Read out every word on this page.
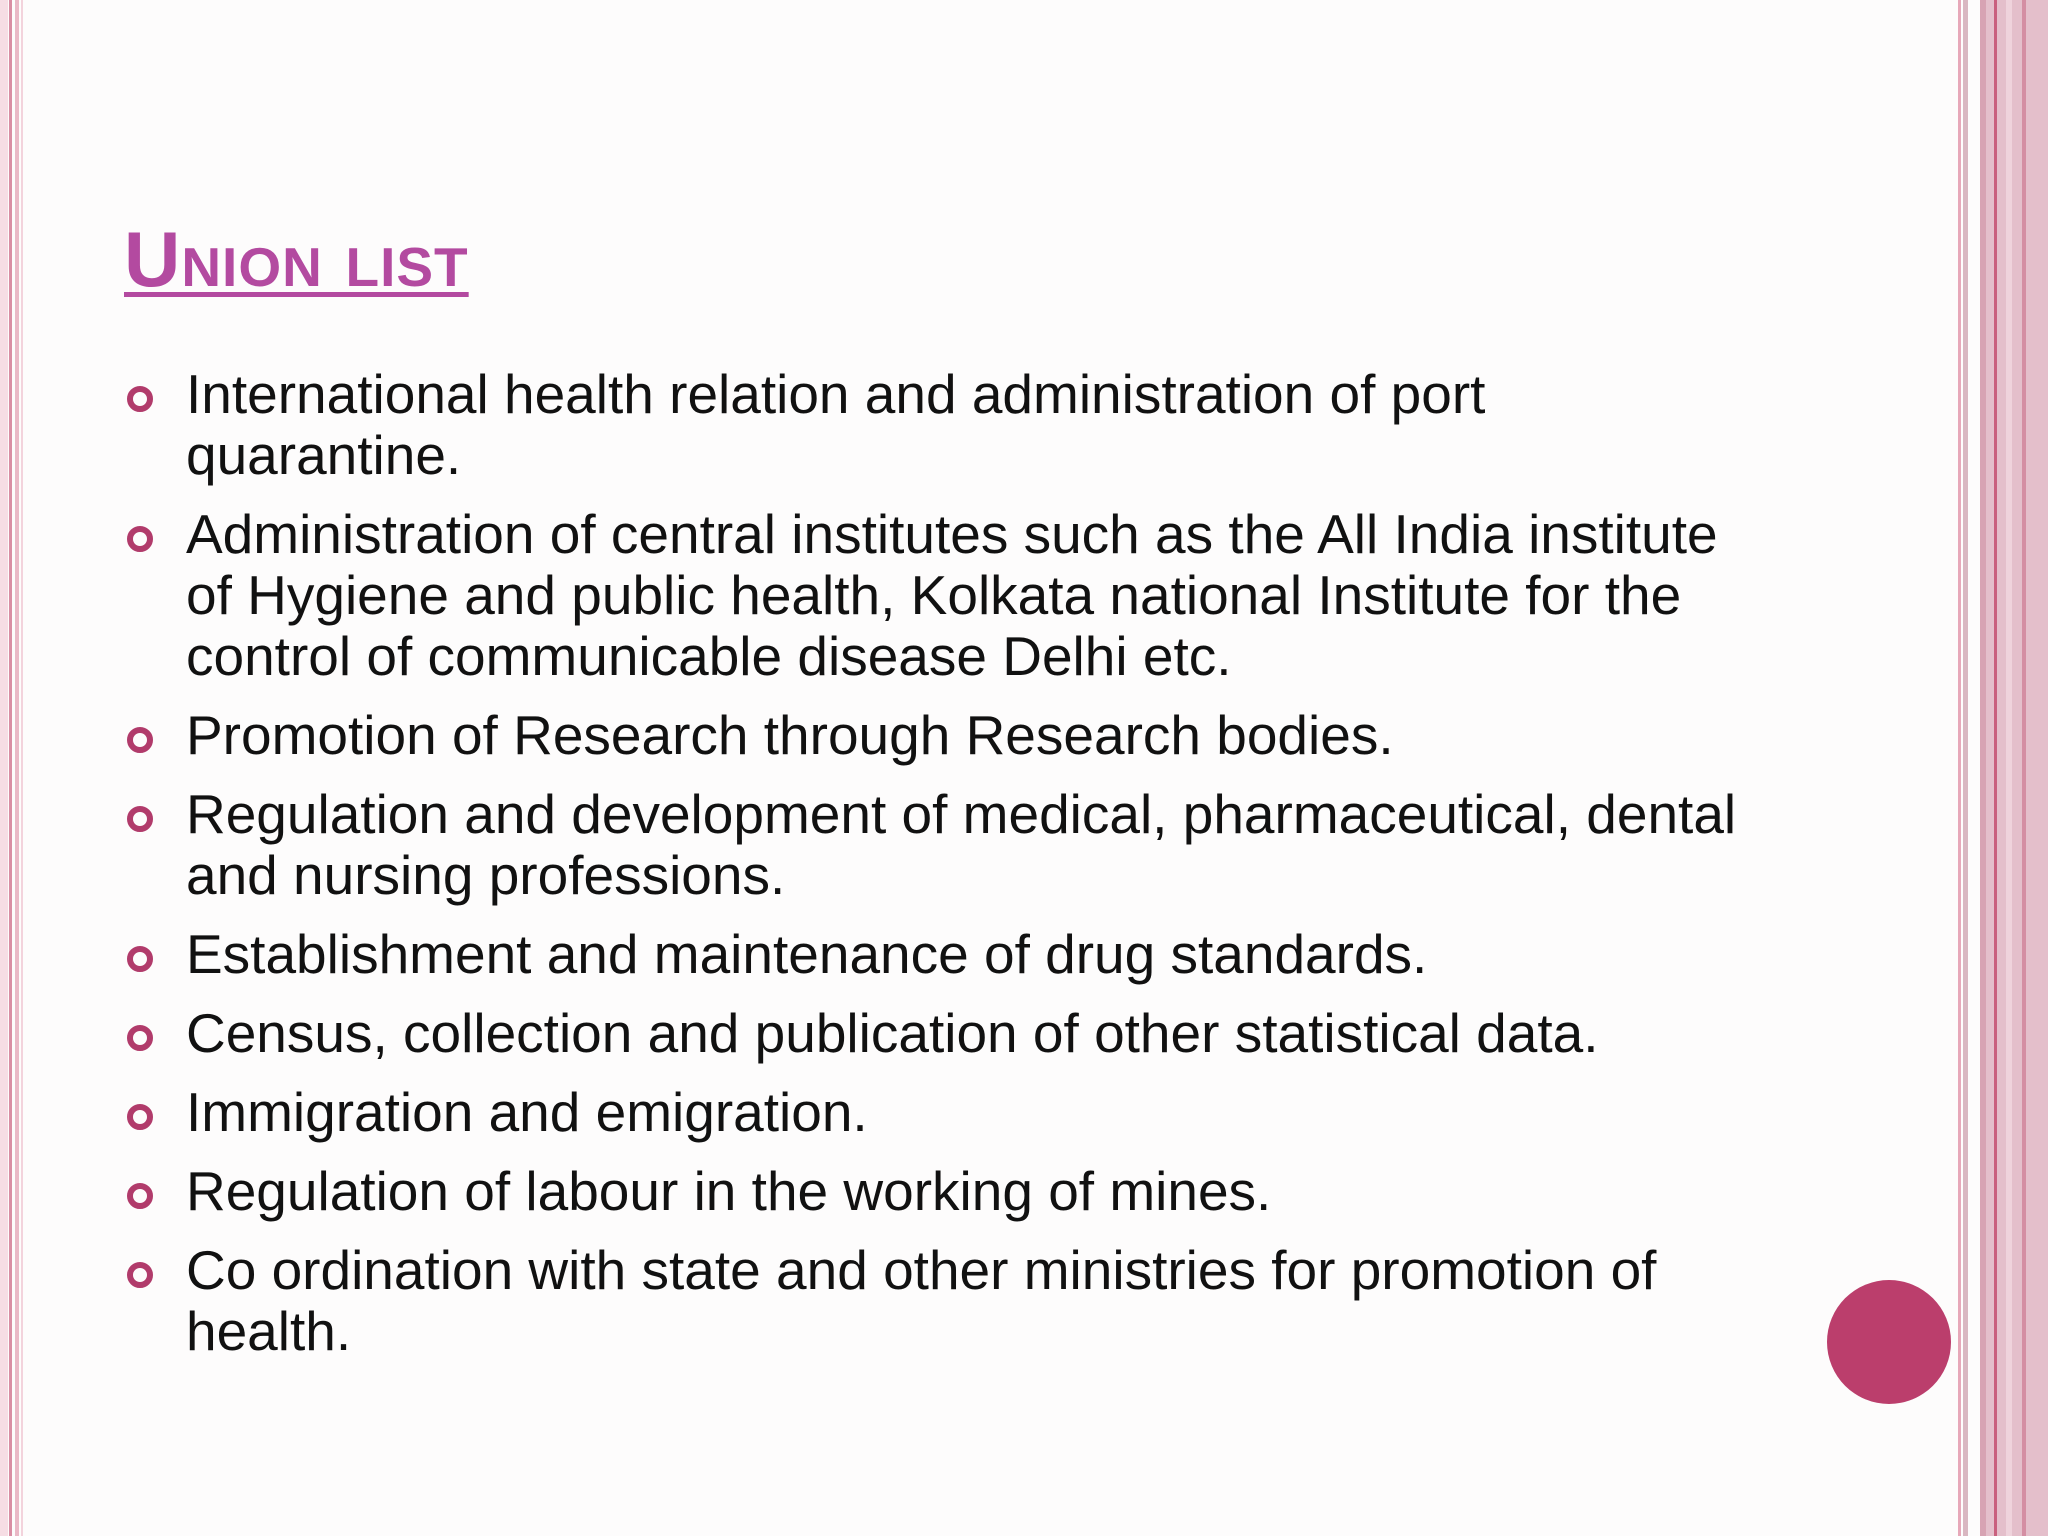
Union list
International health relation and administration of port quarantine.
Administration of central institutes such as the All India institute of Hygiene and public health, Kolkata national Institute for the control of communicable disease Delhi etc.
Promotion of Research through Research bodies.
Regulation and development of medical, pharmaceutical, dental and nursing professions.
Establishment and maintenance of drug standards.
Census, collection and publication of other statistical data.
Immigration and emigration.
Regulation of labour in the working of mines.
Co ordination with state and other ministries for promotion of health.
